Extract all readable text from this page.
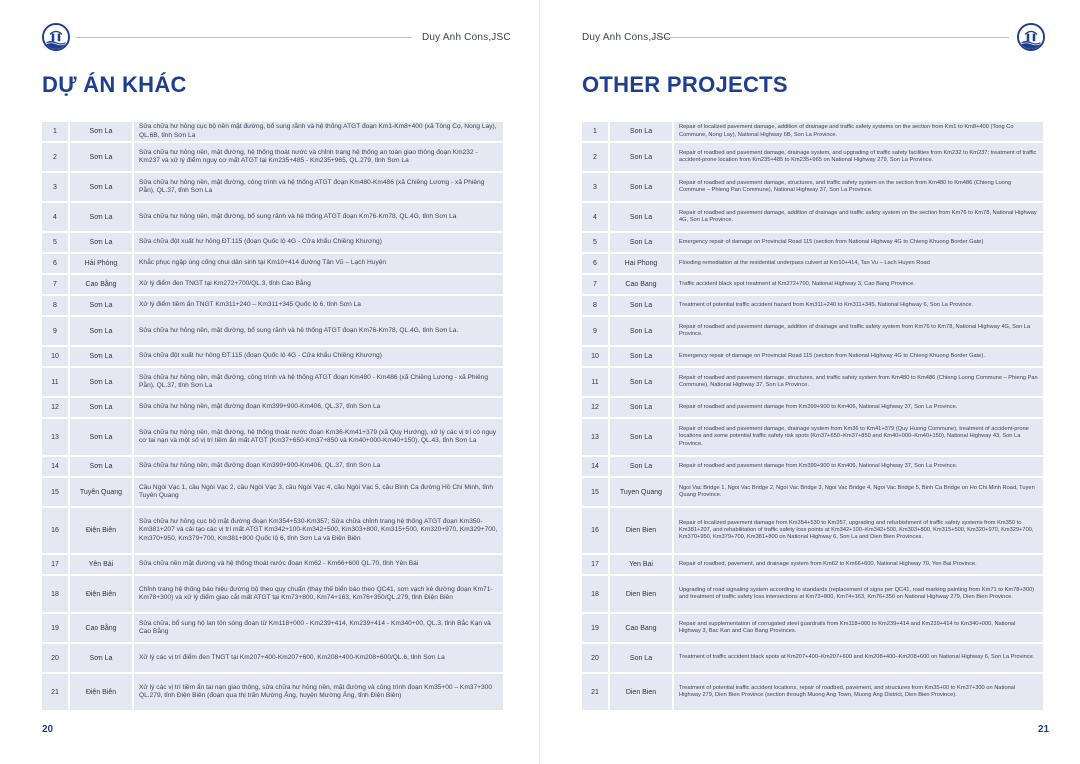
Duy Anh Cons,JSC
DỰ ÁN KHÁC
1	Sơn La	Sửa chữa hư hỏng cục bộ nền mặt đường, bổ sung rãnh và hệ thống ATGT đoạn Km1-Km8+400 (xã Tông Cọ, Nong Lay), QL.6B, tỉnh Sơn La
2	Sơn La	Sửa chữa hư hỏng nền, mặt đường, hệ thống thoát nước và chỉnh trang hệ thống an toàn giao thông đoạn Km232 - Km237 và xử lý điểm nguy cơ mất ATGT tại Km235+485 - Km235+965, QL.279, tỉnh Sơn La
3	Sơn La	Sửa chữa hư hỏng nền, mặt đường, công trình và hệ thống ATGT đoạn Km480-Km486 (xã Chiềng Lương - xã Phiêng Pằn), QL.37, tỉnh Sơn La
4	Sơn La	Sửa chữa hư hỏng nền, mặt đường, bổ sung rãnh và hệ thống ATGT đoạn Km76-Km78, QL.4G, tỉnh Sơn La
5	Sơn La	Sửa chữa đột xuất hư hỏng ĐT.115 (đoạn Quốc lộ 4G - Cửa khẩu Chiềng Khương)
6	Hải Phòng	Khắc phục ngập úng cống chui dân sinh tại Km10+414 đường Tân Vũ – Lạch Huyện
7	Cao Bằng	Xử lý điểm đen TNGT tại Km272+700/QL.3, tỉnh Cao Bằng
8	Sơn La	Xử lý điểm tiềm ẩn TNGT Km311+240 – Km311+345 Quốc lộ 6, tỉnh Sơn La
9	Sơn La	Sửa chữa hư hỏng nền, mặt đường, bổ sung rãnh và hệ thống ATGT đoạn Km76-Km78, QL.4G, tỉnh Sơn La.
10	Sơn La	Sửa chữa đột xuất hư hỏng ĐT.115 (đoạn Quốc lộ 4G - Cửa khẩu Chiềng Khương)
11	Sơn La	Sửa chữa hư hỏng nền, mặt đường, công trình và hệ thống ATGT đoạn Km480 - Km486 (xã Chiềng Lương - xã Phiêng Pằn), QL.37, tỉnh Sơn La
12	Sơn La	Sửa chữa hư hỏng nền, mặt đường đoạn Km399+900-Km406, QL.37, tỉnh Sơn La
13	Sơn La	Sửa chữa hư hỏng nền, mặt đường, hệ thống thoát nước đoạn Km36-Km41+379 (xã Quy Hướng), xử lý các vị trí có nguy cơ tai nạn và một số vị trí tiềm ẩn mất ATGT (Km37+650-Km37+850 và Km40+000-Km40+150), QL.43, tỉnh Sơn La
14	Sơn La	Sửa chữa hư hỏng nền, mặt đường đoạn Km399+900-Km406, QL.37, tỉnh Sơn La
15	Tuyên Quang	Cầu Ngòi Vạc 1, cầu Ngòi Vạc 2, cầu Ngòi Vạc 3, cầu Ngòi Vạc 4, cầu Ngòi Vạc 5, cầu Bình Ca đường Hồ Chí Minh, tỉnh Tuyên Quang
16	Điện Biên	Sửa chữa hư hỏng cục bộ mặt đường đoạn Km354+530-Km357; Sửa chữa chỉnh trang hệ thống ATGT đoạn Km350-Km381+207 và cải tạo các vị trí mất ATGT Km342+100-Km342+500, Km303+800, Km315+500, Km320+970, Km329+700, Km370+950, Km379+700, Km381+800 Quốc lộ 6, tỉnh Sơn La và Điện Biên
17	Yên Bái	Sửa chữa nền mặt đường và hệ thống thoát nước đoạn Km62 - Km66+600 QL.70, tỉnh Yên Bái
18	Điện Biên	Chỉnh trang hệ thống báo hiệu đường bộ theo quy chuẩn (thay thế biển báo theo QC41, sơn vạch kẻ đường đoạn Km71-Km78+300) và xử lý điểm giao cắt mất ATGT tại Km73+800, Km74+163, Km76+350/QL.279, tỉnh Điện Biên
19	Cao Bằng	Sửa chữa, bổ sung hộ lan tôn sóng đoạn từ Km118+000 - Km239+414, Km239+414 - Km340+00, QL.3, tỉnh Bắc Kạn và Cao Bằng
20	Sơn La	Xử lý các vị trí điểm đen TNGT tại Km207+400-Km207+600, Km208+400-Km208+600/QL.6, tỉnh Sơn La
21	Điện Biên	Xử lý các vị trí tiềm ẩn tai nạn giao thông, sửa chữa hư hỏng nền, mặt đường và công trình đoạn Km35+00 – Km37+300 QL.279, tỉnh Điện Biên (đoạn qua thị trấn Mường Ảng, huyện Mường Ảng, tỉnh Điện Biên)
20
Duy Anh Cons,JSC
OTHER PROJECTS
1	Son La	Repair of localized pavement damage, addition of drainage and traffic safety systems on the section from Km1 to Km8+400 (Tong Co Commune, Nong Lay), National Highway 6B, Son La Province.
2	Son La	Repair of roadbed and pavement damage, drainage system, and upgrading of traffic safety facilities from Km232 to Km237; treatment of traffic accident-prone location from Km235+485 to Km235+965 on National Highway 279, Son La Province.
3	Son La	Repair of roadbed and pavement damage, structures, and traffic safety system on the section from Km480 to Km486 (Chieng Luong Commune – Phieng Pan Commune), National Highway 37, Son La Province.
4	Son La	Repair of roadbed and pavement damage, addition of drainage and traffic safety system on the section from Km76 to Km78, National Highway 4G, Son La Province.
5	Son La	Emergency repair of damage on Provincial Road 115 (section from National Highway 4G to Chieng Khuong Border Gate)
6	Hai Phong	Flooding remediation at the residential underpass culvert at Km10+414, Tan Vu – Lach Huyen Road
7	Cao Bang	Traffic accident black spot treatment at Km272+700, National Highway 3, Cao Bang Province.
8	Son La	Treatment of potential traffic accident hazard from Km311+240 to Km311+345, National Highway 6, Son La Province.
9	Son La	Repair of roadbed and pavement damage, addition of drainage and traffic safety system from Km76 to Km78, National Highway 4G, Son La Province.
10	Son La	Emergency repair of damage on Provincial Road 115 (section from National Highway 4G to Chieng Khuong Border Gate).
11	Son La	Repair of roadbed and pavement damage, structures, and traffic safety system from Km480 to Km486 (Chieng Luong Commune – Phieng Pan Commune), National Highway 37, Son La Province.
12	Son La	Repair of roadbed and pavement damage from Km399+900 to Km406, National Highway 37, Son La Province.
13	Son La	Repair of roadbed and pavement damage, drainage system from Km36 to Km41+379 (Quy Huong Commune), treatment of accident-prone locations and some potential traffic safety risk spots (Km37+650–Km37+850 and Km40+000–Km40+150), National Highway 43, Son La Province.
14	Son La	Repair of roadbed and pavement damage from Km399+900 to Km406, National Highway 37, Son La Province.
15	Tuyen Quang	Ngoi Vac Bridge 1, Ngoi Vac Bridge 2, Ngoi Vac Bridge 3, Ngoi Vac Bridge 4, Ngoi Vac Bridge 5, Binh Ca Bridge on Ho Chi Minh Road, Tuyen Quang Province.
16	Dien Bien	Repair of localized pavement damage from Km354+530 to Km357, upgrading and refurbishment of traffic safety systems from Km350 to Km381+207, and rehabilitation of traffic safety loss points at Km342+100–Km342+500, Km303+800, Km315+500, Km320+970, Km329+700, Km370+950, Km379+700, Km381+800 on National Highway 6, Son La and Dien Bien Provinces.
17	Yen Bai	Repair of roadbed, pavement, and drainage system from Km62 to Km66+600, National Highway 70, Yen Bai Province.
18	Dien Bien	Upgrading of road signaling system according to standards (replacement of signs per QC41, road marking painting from Km71 to Km78+300) and treatment of traffic safety loss intersections at Km73+800, Km74+163, Km76+350 on National Highway 279, Dien Bien Province.
19	Cao Bang	Repair and supplementation of corrugated steel guardrails from Km118+000 to Km239+414 and Km239+414 to Km340+000, National Highway 3, Bac Kan and Cao Bang Provinces.
20	Son La	Treatment of traffic accident black spots at Km207+400–Km207+600 and Km208+400–Km208+600 on National Highway 6, Son La Province.
21	Dien Bien	Treatment of potential traffic accident locations, repair of roadbed, pavement, and structures from Km35+00 to Km37+300 on National Highway 279, Dien Bien Province (section through Muong Ang Town, Muong Ang District, Dien Bien Province).
21
